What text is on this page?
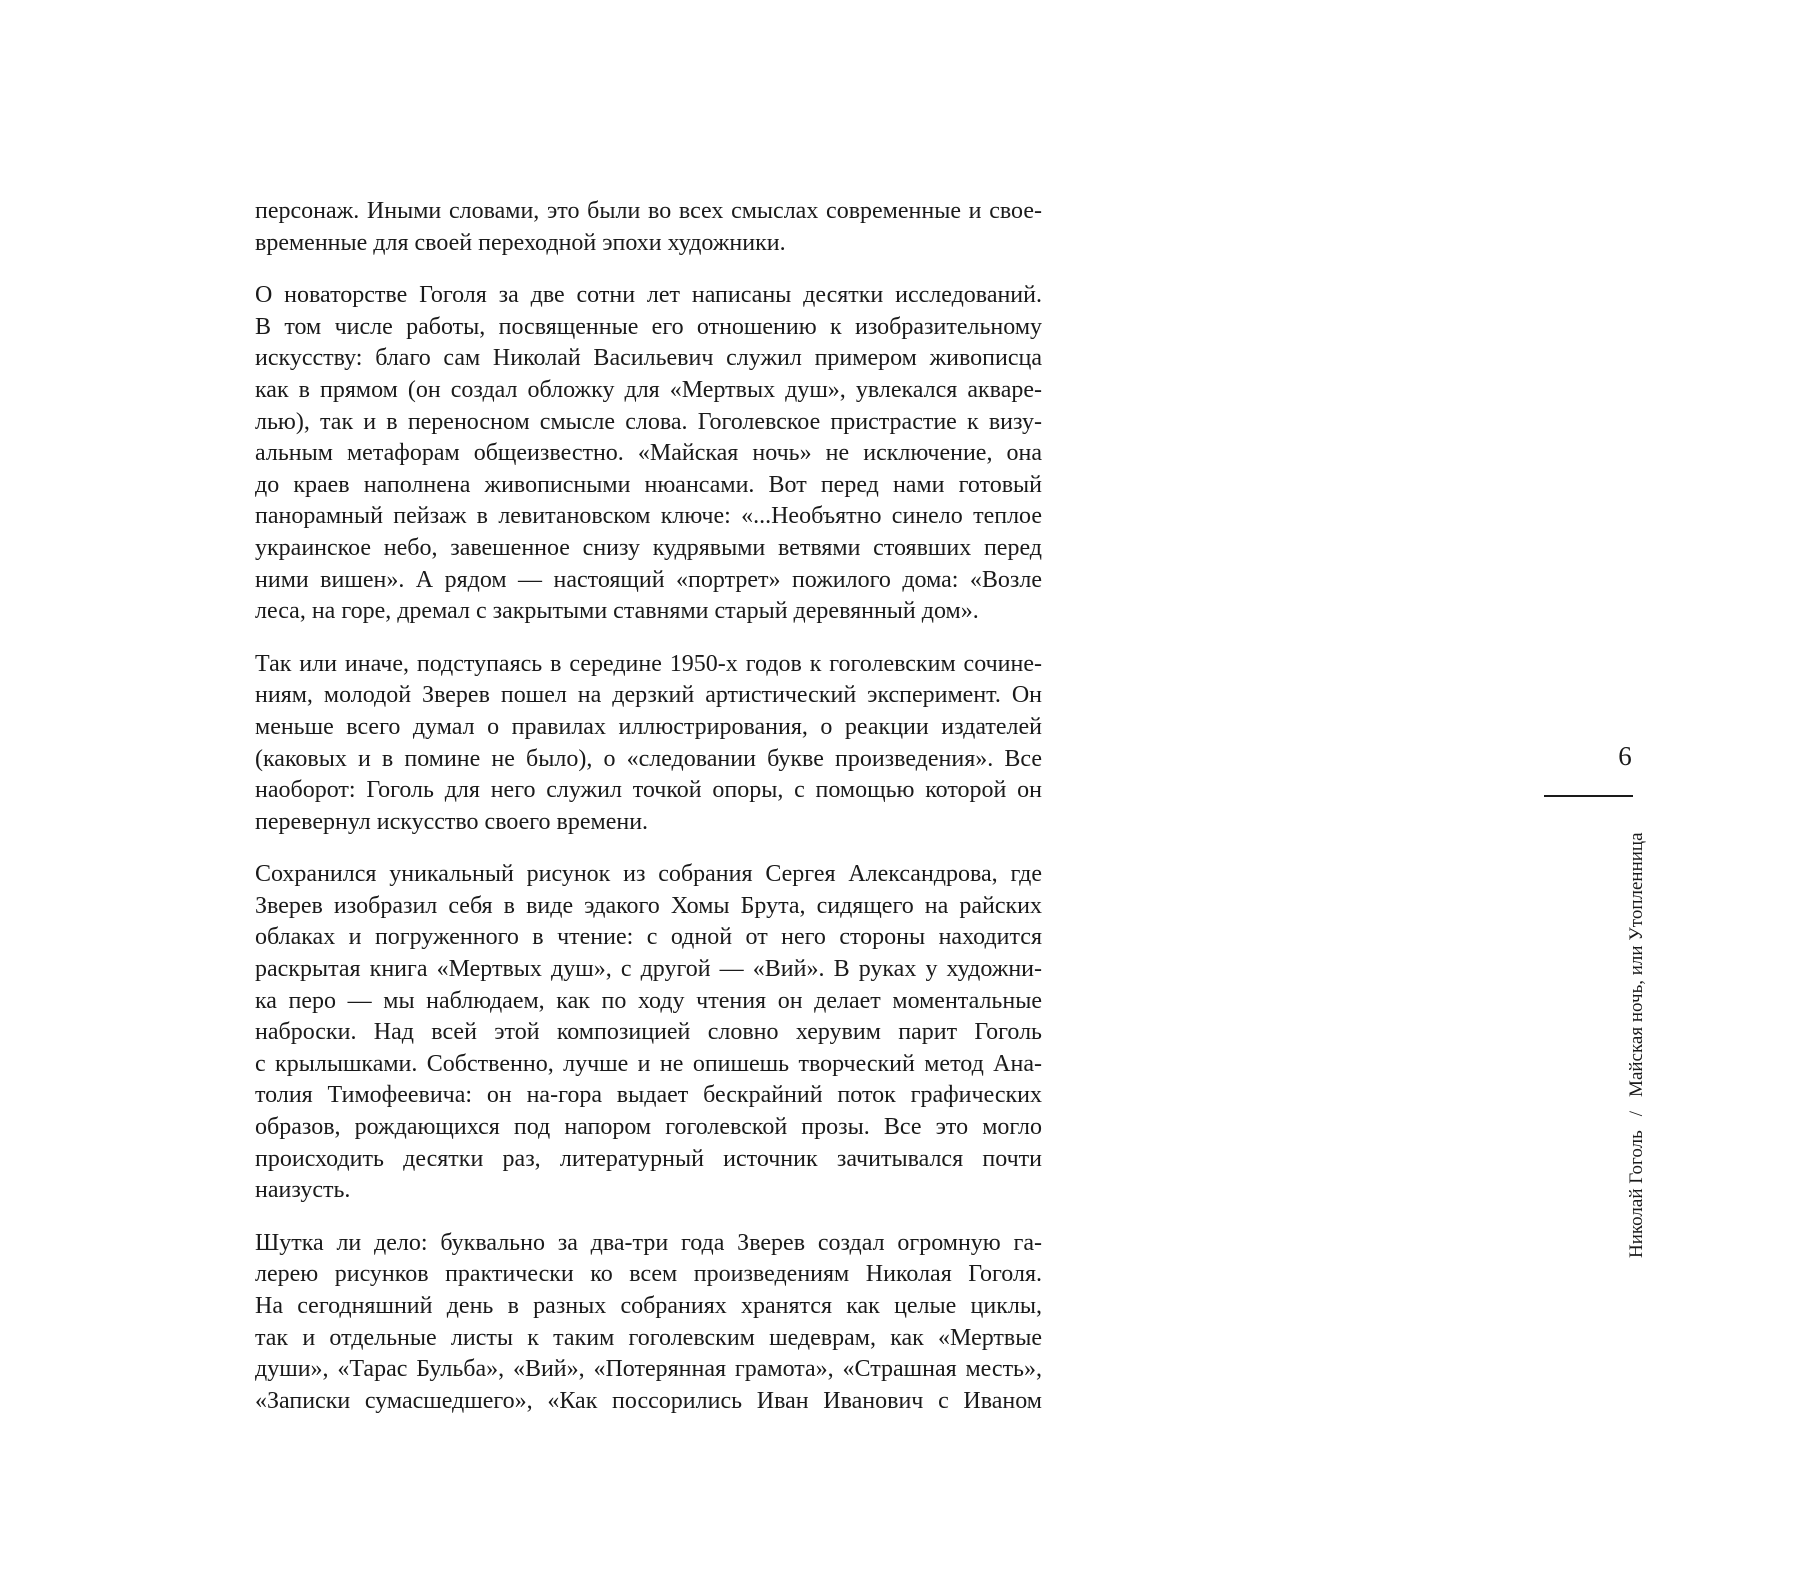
персонаж. Иными словами, это были во всех смыслах современные и свое-
временные для своей переходной эпохи художники.
О новаторстве Гоголя за две сотни лет написаны десятки исследований.
В том числе работы, посвященные его отношению к изобразительному
искусству: благо сам Николай Васильевич служил примером живописца
как в прямом (он создал обложку для «Мертвых душ», увлекался акваре-
лью), так и в переносном смысле слова. Гоголевское пристрастие к визу-
альным метафорам общеизвестно. «Майская ночь» не исключение, она
до краев наполнена живописными нюансами. Вот перед нами готовый
панорамный пейзаж в левитановском ключе: «...Необъятно синело теплое
украинское небо, завешенное снизу кудрявыми ветвями стоявших перед
ними вишен». А рядом — настоящий «портрет» пожилого дома: «Возле
леса, на горе, дремал с закрытыми ставнями старый деревянный дом».
Так или иначе, подступаясь в середине 1950-х годов к гоголевским сочине-
ниям, молодой Зверев пошел на дерзкий артистический эксперимент. Он
меньше всего думал о правилах иллюстрирования, о реакции издателей
(каковых и в помине не было), о «следовании букве произведения». Все
наоборот: Гоголь для него служил точкой опоры, с помощью которой он
перевернул искусство своего времени.
Сохранился уникальный рисунок из собрания Сергея Александрова, где
Зверев изобразил себя в виде эдакого Хомы Брута, сидящего на райских
облаках и погруженного в чтение: с одной от него стороны находится
раскрытая книга «Мертвых душ», с другой — «Вий». В руках у художни-
ка перо — мы наблюдаем, как по ходу чтения он делает моментальные
наброски. Над всей этой композицией словно херувим парит Гоголь
с крылышками. Собственно, лучше и не опишешь творческий метод Ана-
толия Тимофеевича: он на-гора выдает бескрайний поток графических
образов, рождающихся под напором гоголевской прозы. Все это могло
происходить десятки раз, литературный источник зачитывался почти
наизусть.
Шутка ли дело: буквально за два-три года Зверев создал огромную га-
лерею рисунков практически ко всем произведениям Николая Гоголя.
На сегодняшний день в разных собраниях хранятся как целые циклы,
так и отдельные листы к таким гоголевским шедеврам, как «Мертвые
души», «Тарас Бульба», «Вий», «Потерянная грамота», «Страшная месть»,
«Записки сумасшедшего», «Как поссорились Иван Иванович с Иваном
6
Николай Гоголь/Майская ночь, или Утопленница
